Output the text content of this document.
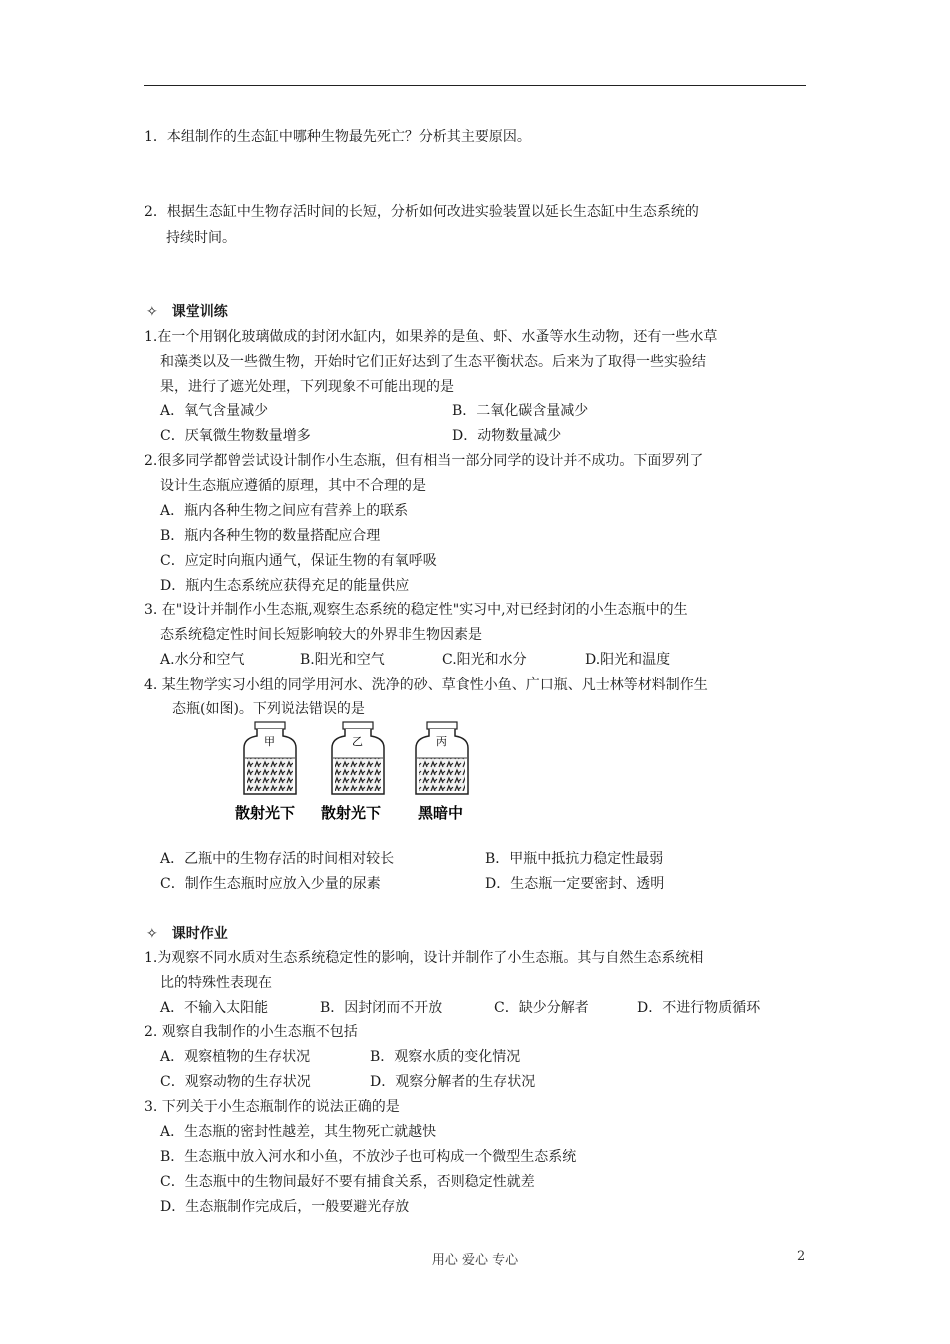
1．本组制作的生态缸中哪种生物最先死亡？分析其主要原因。
2．根据生态缸中生物存活时间的长短，分析如何改进实验装置以延长生态缸中生态系统的
持续时间。
✧ 课堂训练
1.在一个用钢化玻璃做成的封闭水缸内，如果养的是鱼、虾、水蚤等水生动物，还有一些水草
和藻类以及一些微生物，开始时它们正好达到了生态平衡状态。后来为了取得一些实验结
果，进行了遮光处理，下列现象不可能出现的是
A．氧气含量减少	B．二氧化碳含量减少
C．厌氧微生物数量增多	D．动物数量减少
2.很多同学都曾尝试设计制作小生态瓶，但有相当一部分同学的设计并不成功。下面罗列了
设计生态瓶应遵循的原理，其中不合理的是
A．瓶内各种生物之间应有营养上的联系
B．瓶内各种生物的数量搭配应合理
C．应定时向瓶内通气，保证生物的有氧呼吸
D．瓶内生态系统应获得充足的能量供应
3. 在"设计并制作小生态瓶,观察生态系统的稳定性"实习中,对已经封闭的小生态瓶中的生
态系统稳定性时间长短影响较大的外界非生物因素是
A.水分和空气	B.阳光和空气	C.阳光和水分	D.阳光和温度
4. 某生物学实习小组的同学用河水、洗净的砂、草食性小鱼、广口瓶、凡士林等材料制作生
态瓶(如图)。下列说法错误的是
甲	乙	丙
散射光下 散射光下 黑暗中
A．乙瓶中的生物存活的时间相对较长	B．甲瓶中抵抗力稳定性最弱
C．制作生态瓶时应放入少量的尿素	D．生态瓶一定要密封、透明
✧ 课时作业
1.为观察不同水质对生态系统稳定性的影响，设计并制作了小生态瓶。其与自然生态系统相
比的特殊性表现在
A．不输入太阳能	B．因封闭而不开放	C．缺少分解者	D．不进行物质循环
2. 观察自我制作的小生态瓶不包括
A．观察植物的生存状况	B．观察水质的变化情况
C．观察动物的生存状况	D．观察分解者的生存状况
3. 下列关于小生态瓶制作的说法正确的是
A．生态瓶的密封性越差，其生物死亡就越快
B．生态瓶中放入河水和小鱼，不放沙子也可构成一个微型生态系统
C．生态瓶中的生物间最好不要有捕食关系，否则稳定性就差
D．生态瓶制作完成后，一般要避光存放
用心 爱心 专心	2
